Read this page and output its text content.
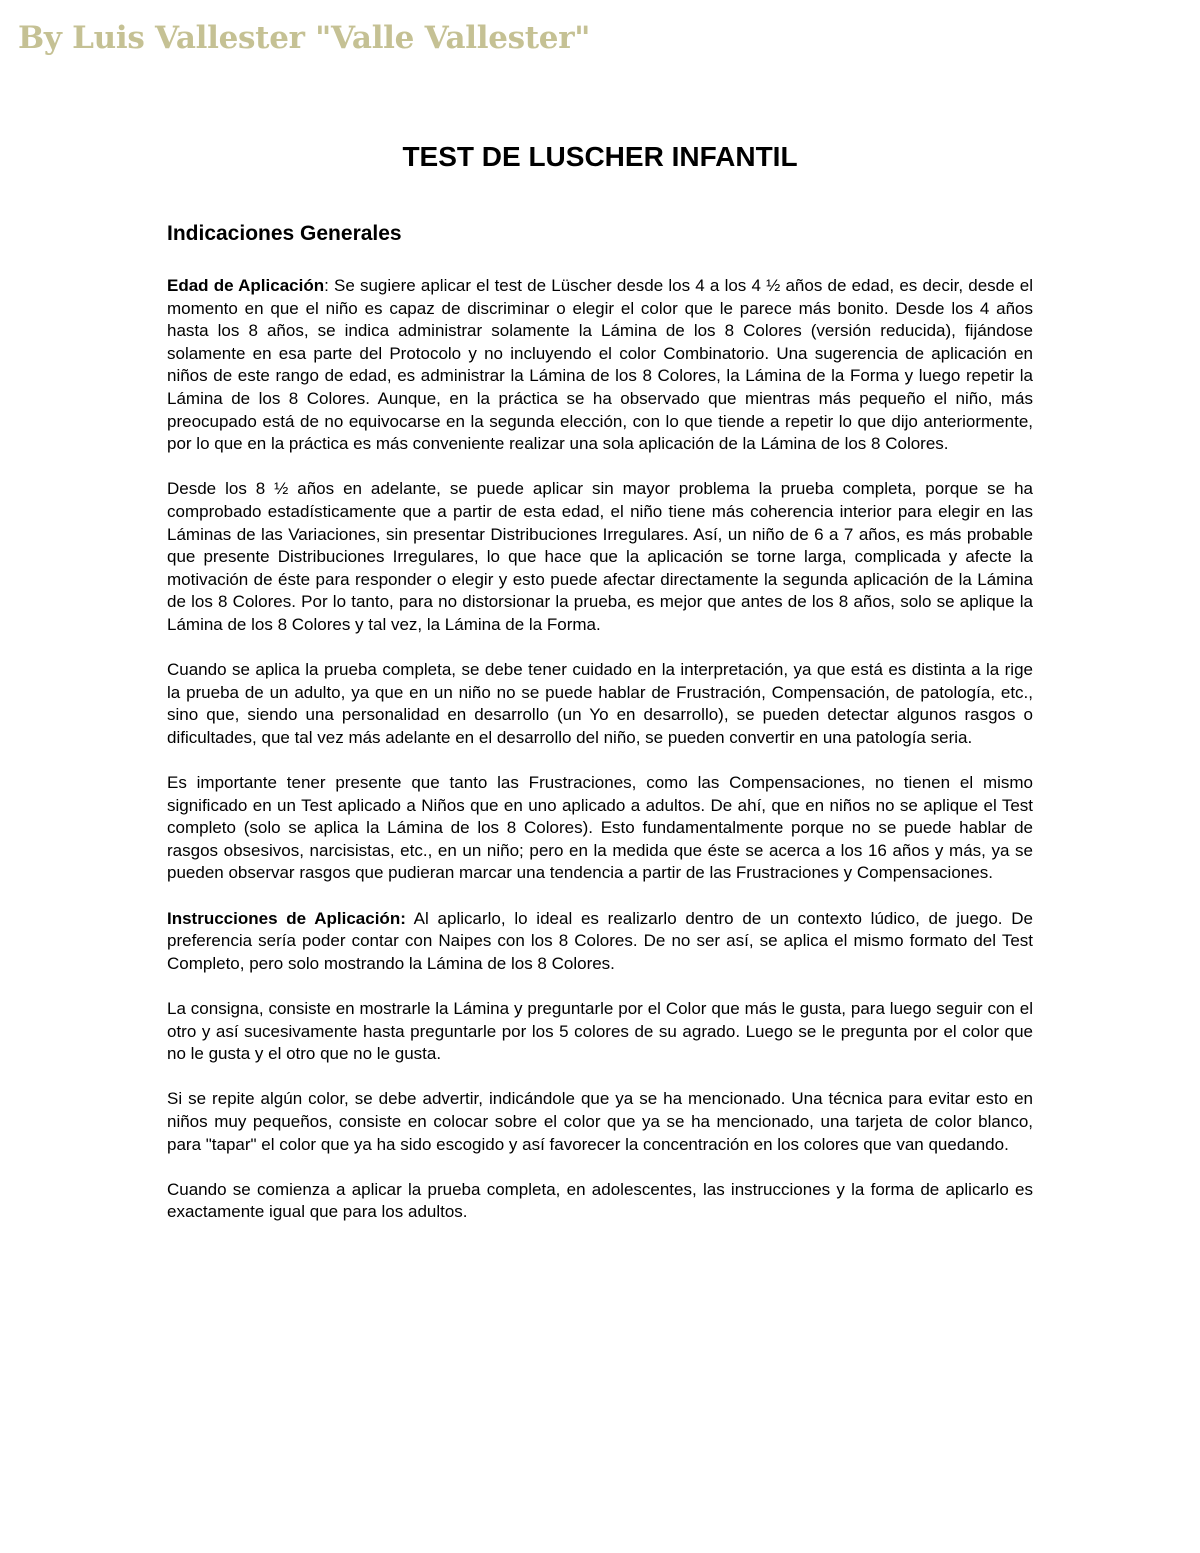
By Luis Vallester "Valle Vallester"

TEST DE LUSCHER INFANTIL
Indicaciones Generales

Edad de Aplicación: Se sugiere aplicar el test de Lüscher desde los 4 a los 4 ½ años de edad, es decir, desde el momento en que el niño es capaz de discriminar o elegir el color que le parece más bonito. Desde los 4 años hasta los 8 años, se indica administrar solamente la Lámina de los 8 Colores (versión reducida), fijándose solamente en esa parte del Protocolo y no incluyendo el color Combinatorio. Una sugerencia de aplicación en niños de este rango de edad, es administrar la Lámina de los 8 Colores, la Lámina de la Forma y luego repetir la Lámina de los 8 Colores. Aunque, en la práctica se ha observado que mientras más pequeño el niño, más preocupado está de no equivocarse en la segunda elección, con lo que tiende a repetir lo que dijo anteriormente, por lo que en la práctica es más conveniente realizar una sola aplicación de la Lámina de los 8 Colores.

Desde los 8 ½ años en adelante, se puede aplicar sin mayor problema la prueba completa, porque se ha comprobado estadísticamente que a partir de esta edad, el niño tiene más coherencia interior para elegir en las Láminas de las Variaciones, sin presentar Distribuciones Irregulares. Así, un niño de 6 a 7 años, es más probable que presente Distribuciones Irregulares, lo que hace que la aplicación se torne larga, complicada y afecte la motivación de éste para responder o elegir y esto puede afectar directamente la segunda aplicación de la Lámina de los 8 Colores. Por lo tanto, para no distorsionar la prueba, es mejor que antes de los 8 años, solo se aplique la Lámina de los 8 Colores y tal vez, la Lámina de la Forma.

Cuando se aplica la prueba completa, se debe tener cuidado en la interpretación, ya que está es distinta a la rige la prueba de un adulto, ya que en un niño no se puede hablar de Frustración, Compensación, de patología, etc., sino que, siendo una personalidad en desarrollo (un Yo en desarrollo), se pueden detectar algunos rasgos o dificultades, que tal vez más adelante en el desarrollo del niño, se pueden convertir en una patología seria.

Es importante tener presente que tanto las Frustraciones, como las Compensaciones, no tienen el mismo significado en un Test aplicado a Niños que en uno aplicado a adultos. De ahí, que en niños no se aplique el Test completo (solo se aplica la Lámina de los 8 Colores). Esto fundamentalmente porque no se puede hablar de rasgos obsesivos, narcisistas, etc., en un niño; pero en la medida que éste se acerca a los 16 años y más, ya se pueden observar rasgos que pudieran marcar una tendencia a partir de las Frustraciones y Compensaciones.

Instrucciones de Aplicación: Al aplicarlo, lo ideal es realizarlo dentro de un contexto lúdico, de juego. De preferencia sería poder contar con Naipes con los 8 Colores. De no ser así, se aplica el mismo formato del Test Completo, pero solo mostrando la Lámina de los 8 Colores.

La consigna, consiste en mostrarle la Lámina y preguntarle por el Color que más le gusta, para luego seguir con el otro y así sucesivamente hasta preguntarle por los 5 colores de su agrado. Luego se le pregunta por el color que no le gusta y el otro que no le gusta.

Si se repite algún color, se debe advertir, indicándole que ya se ha mencionado. Una técnica para evitar esto en niños muy pequeños, consiste en colocar sobre el color que ya se ha mencionado, una tarjeta de color blanco, para "tapar" el color que ya ha sido escogido y así favorecer la concentración en los colores que van quedando.

Cuando se comienza a aplicar la prueba completa, en adolescentes, las instrucciones y la forma de aplicarlo es exactamente igual que para los adultos.
